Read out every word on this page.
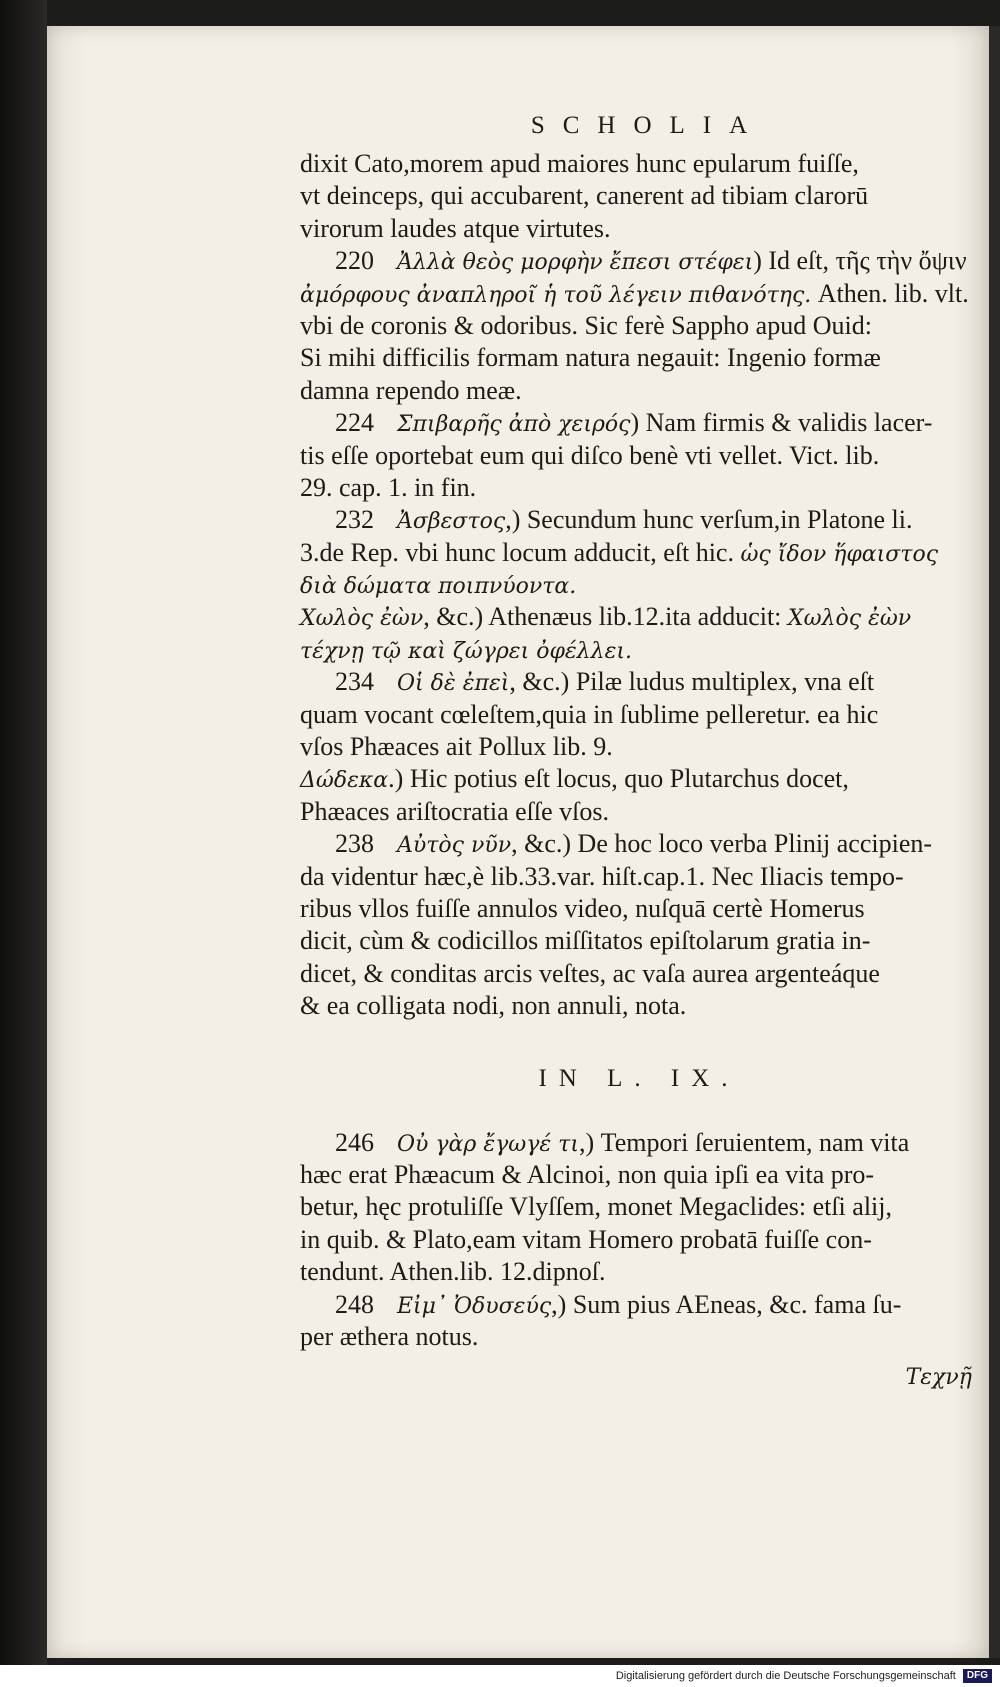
SCHOLIA
dixit Cato,morem apud maiores hunc epularum fuiſſe,
vt deinceps, qui accubarent, canerent ad tibiam clarorū
virorum laudes atque virtutes.
220 Ἀλλὰ θεὸς μορφὴν ἔπεσι στέφει) Id eſt, τῆς τὴν ὄψιν
ἀμόρφους ἀναπληροῖ ἡ τοῦ λέγειν πιθανότης. Athen. lib. vlt.
vbi de coronis & odoribus. Sic ferè Sappho apud Ouid:
Si mihi difficilis formam natura negauit: Ingenio formæ
damna rependo meæ.
224 Σπιβαρῆς ἀπὸ χειρός) Nam firmis & validis lacer-
tis eſſe oportebat eum qui diſco benè vti vellet. Vict. lib.
29. cap. 1. in fin.
232 Ἀσβεστος,) Secundum hunc verſum,in Platone li.
3.de Rep. vbi hunc locum adducit, eſt hic. ὡς ἴδον ἥφαιστος
διὰ δώματα ποιπνύοντα.
Χωλὸς ἐὼν, &c.) Athenæus lib.12.ita adducit: Χωλὸς ἐὼν
τέχνῃ τῷ καὶ ζώγρει ὀφέλλει.
234 Οἱ δὲ ἐπεὶ, &c.) Pilæ ludus multiplex, vna eſt
quam vocant cœleſtem,quia in ſublime pelleretur. ea hic
vſos Phæaces ait Pollux lib. 9.
Δώδεκα.) Hic potius eſt locus, quo Plutarchus docet,
Phæaces ariſtocratia eſſe vſos.
238 Αὐτὸς νῦν, &c.) De hoc loco verba Plinij accipien-
da videntur hæc,è lib.33.var. hiſt.cap.1. Nec Iliacis tempo-
ribus vllos fuiſſe annulos video, nuſquā certè Homerus
dicit, cùm & codicillos miſſitatos epiſtolarum gratia in-
dicet, & conditas arcis veſtes, ac vaſa aurea argenteáque
& ea colligata nodi, non annuli, nota.
IN L. IX.
246 Οὐ γὰρ ἔγωγέ τι,) Tempori ſeruientem, nam vita
hæc erat Phæacum & Alcinoi, non quia ipſi ea vita pro-
betur, hęc protuliſſe Vlyſſem, monet Megaclides: etſi alij,
in quib. & Plato,eam vitam Homero probatā fuiſſe con-
tendunt. Athen.lib. 12.dipnoſ.
248 Εἰμ᾽ Ὀδυσεύς,) Sum pius AEneas, &c. fama ſu-
per æthera notus.
Τεχνῇ
Digitalisierung gefördert durch die Deutsche Forschungsgemeinschaft DFG
